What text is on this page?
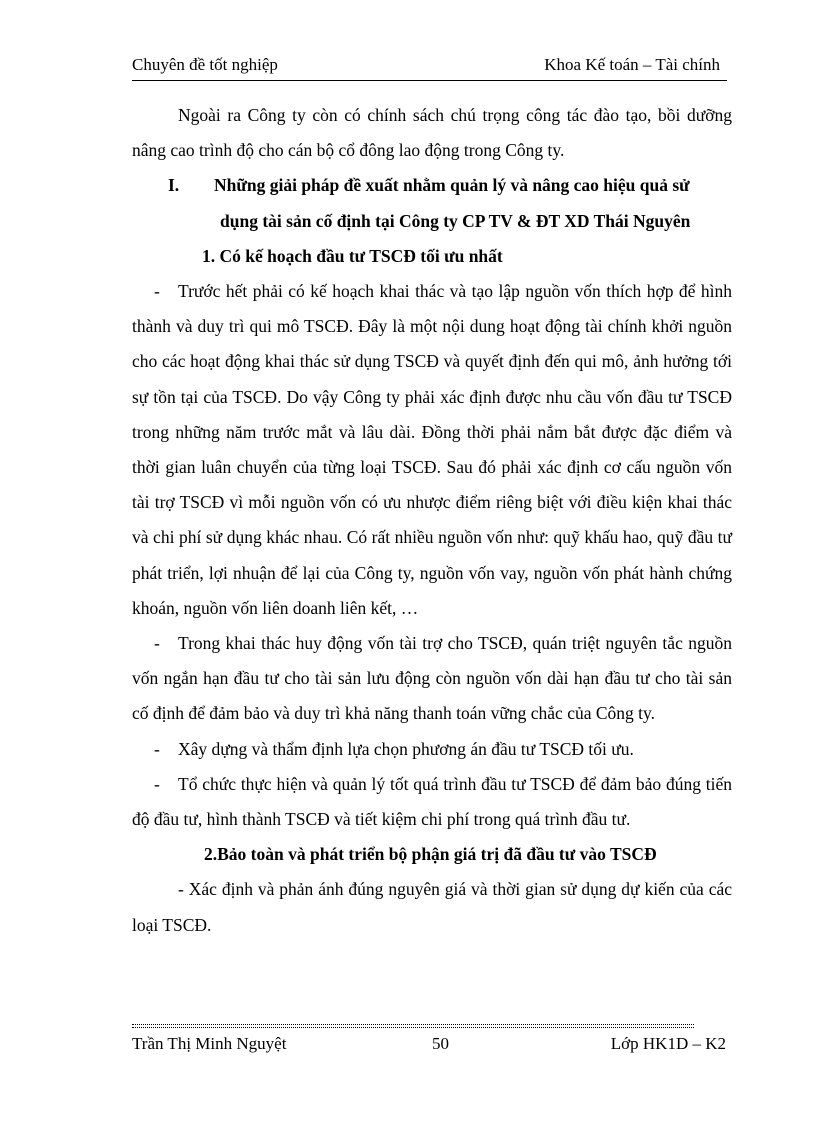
Chuyên đề tốt nghiệp	Khoa Kế toán – Tài chính

Ngoài ra Công ty còn có chính sách chú trọng công tác đào tạo, bồi dưỡng nâng cao trình độ cho cán bộ cổ đông lao động trong Công ty.

I.	Những giải pháp đề xuất nhằm quản lý và nâng cao hiệu quả sử

dụng tài sản cố định tại Công ty CP TV & ĐT XD Thái Nguyên

1. Có kế hoạch đầu tư TSCĐ tối ưu nhất

- Trước hết phải có kế hoạch khai thác và tạo lập nguồn vốn thích hợp để hình thành và duy trì qui mô TSCĐ. Đây là một nội dung hoạt động tài chính khởi nguồn cho các hoạt động khai thác sử dụng TSCĐ và quyết định đến qui mô, ảnh hưởng tới sự tồn tại của TSCĐ. Do vậy Công ty phải xác định được nhu cầu vốn đầu tư TSCĐ trong những năm trước mắt và lâu dài. Đồng thời phải nắm bắt được đặc điểm và thời gian luân chuyển của từng loại TSCĐ. Sau đó phải xác định cơ cấu nguồn vốn tài trợ TSCĐ vì mỗi nguồn vốn có ưu nhược điểm riêng biệt với điều kiện khai thác và chi phí sử dụng khác nhau. Có rất nhiều nguồn vốn như: quỹ khấu hao, quỹ đầu tư phát triển, lợi nhuận để lại của Công ty, nguồn vốn vay, nguồn vốn phát hành chứng khoán, nguồn vốn liên doanh liên kết, …

- Trong khai thác huy động vốn tài trợ cho TSCĐ, quán triệt nguyên tắc nguồn vốn ngắn hạn đầu tư cho tài sản lưu động còn nguồn vốn dài hạn đầu tư cho tài sản cố định để đảm bảo và duy trì khả năng thanh toán vững chắc của Công ty.

- Xây dựng và thẩm định lựa chọn phương án đầu tư TSCĐ tối ưu.

- Tổ chức thực hiện và quản lý tốt quá trình đầu tư TSCĐ để đảm bảo đúng tiến độ đầu tư, hình thành TSCĐ và tiết kiệm chi phí trong quá trình đầu tư.

2.Bảo toàn và phát triển bộ phận giá trị đã đầu tư vào TSCĐ

- Xác định và phản ánh đúng nguyên giá và thời gian sử dụng dự kiến của các loại TSCĐ.

Trần Thị Minh Nguyệt	50	Lớp HK1D – K2
